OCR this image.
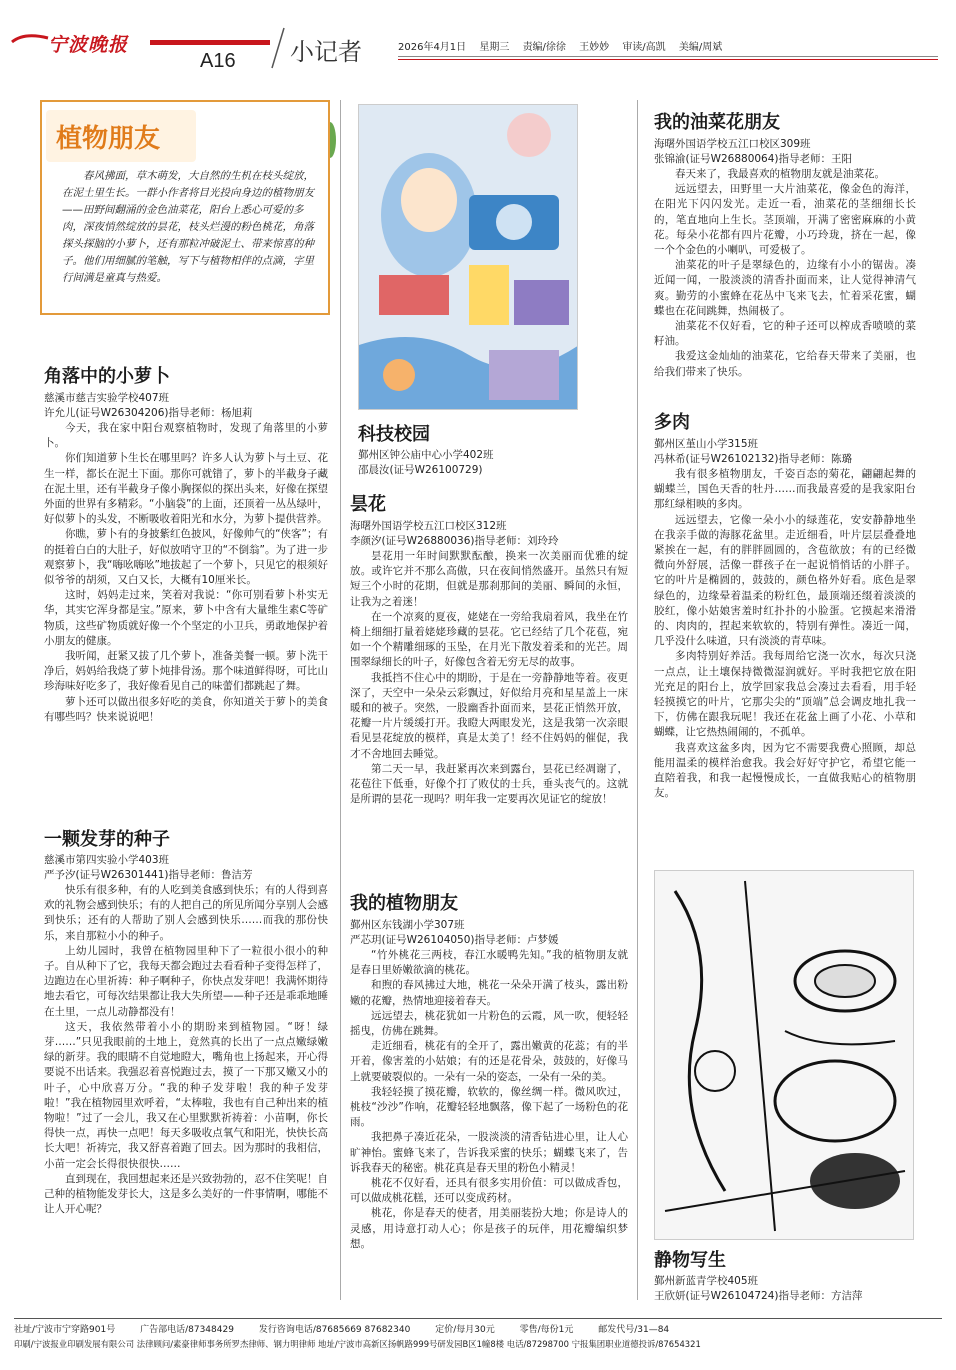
宁波晚报
A16 小记者	2026年4月1日 星期三 责编/徐徐 王妙妙 审读/高凯 美编/周斌
植物朋友
春风拂面，草木萌发，大自然的生机在枝头绽放，在泥土里生长。一群小作者将目光投向身边的植物朋友——田野间翻涌的金色油菜花，阳台上悉心可爱的多肉，深夜悄然绽放的昙花，枝头烂漫的粉色桃花，角落探头探脑的小萝卜，还有那粒冲破泥土、带来惊喜的种子。他们用细腻的笔触，写下与植物相伴的点滴，字里行间满是童真与热爱。
角落中的小萝卜
慈溪市慈吉实验学校407班
许允儿(证号W26304206)指导老师：杨旭莉

今天，我在家中阳台观察植物时，发现了角落里的小萝卜。

你们知道萝卜生长在哪里吗？许多人认为萝卜与土豆、花生一样，都长在泥土下面。那你可就错了，萝卜的半截身子藏在泥土里，还有半截身子像小胸探似的探出头来，好像在探望外面的世界有多精彩。“小脑袋”的上面，还顶着一丛丛绿叶，好似萝卜的头发，不断吸收着阳光和水分，为萝卜提供营养。

你瞧，萝卜有的身披紫红色披风，好像帅气的“侠客”；有的挺着白白的大肚子，好似放哨守卫的“不倒翁”。为了进一步观察萝卜，我“嗨吆嗨吆”地拔起了一个萝卜，只见它的根须好似爷爷的胡须，又白又长，大概有10厘米长。

这时，妈妈走过来，笑着对我说：“你可别看萝卜朴实无华，其实它浑身都是宝。”原来，萝卜中含有大量维生素C等矿物质，这些矿物质就好像一个个坚定的小卫兵，勇敢地保护着小朋友的健康。

我听闻，赶紧又拔了几个萝卜，准备美餐一顿。萝卜洗干净后，妈妈给我烧了萝卜炖排骨汤。那个味道鲜得呀，可比山珍海味好吃多了，我好像看见自己的味蕾们都跳起了舞。

萝卜还可以做出很多好吃的美食，你知道关于萝卜的美食有哪些吗？快来说说吧！

一颗发芽的种子
慈溪市第四实验小学403班
严予汐(证号W26301441)指导老师：鲁洁芳

快乐有很多种，有的人吃到美食感到快乐；有的人得到喜欢的礼物会感到快乐；有的人把自己的所见所闻分享别人会感到快乐；还有的人帮助了别人会感到快乐……而我的那份快乐，来自那粒小小的种子。

上幼儿园时，我曾在植物园里种下了一粒很小很小的种子。自从种下了它，我每天都会跑过去看看种子变得怎样了，边跑边在心里祈祷：种子啊种子，你快点发芽吧！我满怀期待地去看它，可每次结果都让我大失所望——种子还是乖乖地睡在土里，一点儿动静都没有！

这天，我依然带着小小的期盼来到植物园。“呀！绿芽……”只见我眼前的土地上，竟然真的长出了一点点嫩绿嫩绿的新芽。我的眼睛不自觉地瞪大，嘴角也上扬起来，开心得要说不出话来。我强忍着喜悦跑过去，摸了一下那又嫩又小的叶子，心中欣喜万分。“我的种子发芽啦！我的种子发芽啦！”我在植物园里欢呼着，“太棒啦，我也有自己种出来的植物啦！”过了一会儿，我又在心里默默祈祷着：小苗啊，你长得快一点，再快一点吧！每天多吸收点氧气和阳光，快快长高长大吧！祈祷完，我又舒喜着跑了回去。因为那时的我相信，小苗一定会长得很快很快……

直到现在，我回想起来还是兴致勃勃的，忍不住笑呢！自己种的植物能发芽长大，这是多么美好的一件事情啊，哪能不让人开心呢？

科技校园
鄞州区钟公庙中心小学402班
邵晨汝(证号W26100729)
昙花
海曙外国语学校五江口校区312班
李颜汐(证号W26880036)指导老师：刘玲玲

昙花用一年时间默默酝酿，换来一次美丽而优雅的绽放。或许它并不那么高傲，只在夜间悄然盛开。虽然只有短短三个小时的花期，但就是那刹那间的美丽、瞬间的永恒，让我为之着迷！

在一个凉爽的夏夜，姥姥在一旁给我扇着风，我坐在竹椅上细细打量着姥姥珍藏的昙花。它已经结了几个花苞，宛如一个个精雕细琢的玉坠，在月光下散发着柔和的光芒。周围翠绿细长的叶子，好像包含着无穷无尽的故事。

我抵挡不住心中的期盼，于是在一旁静静地等着。夜更深了，天空中一朵朵云彩飘过，好似给月亮和星星盖上一床暖和的被子。突然，一股幽香扑面而来，昙花正悄然开放，花瓣一片片缓缓打开。我瞪大两眼发光，这是我第一次亲眼看见昙花绽放的模样，真是太美了！经不住妈妈的催促，我才不舍地回去睡觉。

第二天一早，我赶紧再次来到露台，昙花已经凋谢了，花苞往下低垂，好像个打了败仗的士兵，垂头丧气的。这就是所谓的昙花一现吗？明年我一定要再次见证它的绽放！

我的植物朋友
鄞州区东钱湖小学307班
严芯玥(证号W26104050)指导老师：卢梦媛

“竹外桃花三两枝，春江水暖鸭先知。”我的植物朋友就是春日里娇嫩欲滴的桃花。

和煦的春风拂过大地，桃花一朵朵开满了枝头，露出粉嫩的花瓣，热情地迎接着春天。

远远望去，桃花犹如一片粉色的云霞，风一吹，便轻轻摇曳，仿佛在跳舞。

走近细看，桃花有的全开了，露出嫩黄的花蕊；有的半开着，像害羞的小姑娘；有的还是花骨朵，鼓鼓的，好像马上就要破裂似的。一朵有一朵的姿态，一朵有一朵的美。

我轻轻摸了摸花瓣，软软的，像丝绸一样。微风吹过，桃枝“沙沙”作响，花瓣轻轻地飘落，像下起了一场粉色的花雨。

我把鼻子凑近花朵，一股淡淡的清香钻进心里，让人心旷神怡。蜜蜂飞来了，告诉我采蜜的快乐；蝴蝶飞来了，告诉我春天的秘密。桃花真是春天里的粉色小精灵！

桃花不仅好看，还具有很多实用价值：可以做成香包，可以做成桃花糕，还可以变成药材。

桃花，你是春天的使者，用美丽装扮大地；你是诗人的灵感，用诗意打动人心；你是孩子的玩伴，用花瓣编织梦想。

我的油菜花朋友
海曙外国语学校五江口校区309班
张锦渝(证号W26880064)指导老师：王阳

春天来了，我最喜欢的植物朋友就是油菜花。

远远望去，田野里一大片油菜花，像金色的海洋，在阳光下闪闪发光。走近一看，油菜花的茎细细长长的，笔直地向上生长。茎顶端，开满了密密麻麻的小黄花。每朵小花都有四片花瓣，小巧玲珑，挤在一起，像一个个金色的小喇叭，可爱极了。

油菜花的叶子是翠绿色的，边缘有小小的锯齿。凑近闻一闻，一股淡淡的清香扑面而来，让人觉得神清气爽。勤劳的小蜜蜂在花丛中飞来飞去，忙着采花蜜，蝴蝶也在花间跳舞，热闹极了。

油菜花不仅好看，它的种子还可以榨成香喷喷的菜籽油。

我爱这金灿灿的油菜花，它给春天带来了美丽，也给我们带来了快乐。

多肉
鄞州区堇山小学315班
冯林希(证号W26102132)指导老师：陈璐

我有很多植物朋友，千姿百态的菊花，翩翩起舞的蝴蝶兰，国色天香的牡丹……而我最喜爱的是我家阳台那红绿相映的多肉。

远远望去，它像一朵小小的绿莲花，安安静静地坐在我亲手做的海豚花盆里。走近细看，叶片层层叠叠地紧挨在一起，有的胖胖圆圆的，含苞欲放；有的已经微微向外舒展，活像一群孩子在一起说悄悄话的小胖子。它的叶片是椭圆的，鼓鼓的，颜色格外好看。底色是翠绿色的，边缘晕着温柔的粉红色，最顶端还缀着淡淡的胶红，像小姑娘害羞时红扑扑的小脸蛋。它摸起来滑滑的、肉肉的，捏起来软软的，特别有弹性。凑近一闻，几乎没什么味道，只有淡淡的青草味。

多肉特别好养活。我每周给它浇一次水，每次只浇一点点，让土壤保持微微湿润就好。平时我把它放在阳光充足的阳台上，放学回家我总会凑过去看看，用手轻轻摸摸它的叶片，它那尖尖的“顶端”总会调皮地扎我一下，仿佛在跟我玩呢！我还在花盆上画了小花、小草和蝴蝶，让它热热闹闹的，不孤单。

我喜欢这盆多肉，因为它不需要我费心照顾，却总能用温柔的模样治愈我。我会好好守护它，希望它能一直陪着我，和我一起慢慢成长，一直做我贴心的植物朋友。

静物写生
鄞州新蓝青学校405班
王欣妍(证号W26104724)指导老师：方洁萍
社址/宁波市宁穿路901号	广告部电话/87348429	发行咨询电话/87685669 87682340	定价/每月30元	零售/每份1元	邮发代号/31—84
印刷/宁波报业印刷发展有限公司 法律顾问/素豪律师事务所罗杰律师、钢力明律师 地址/宁波市高新区扬帆路999号研发园B区1幢8楼 电话/87298700 宁报集团职业道德投诉/87654321
